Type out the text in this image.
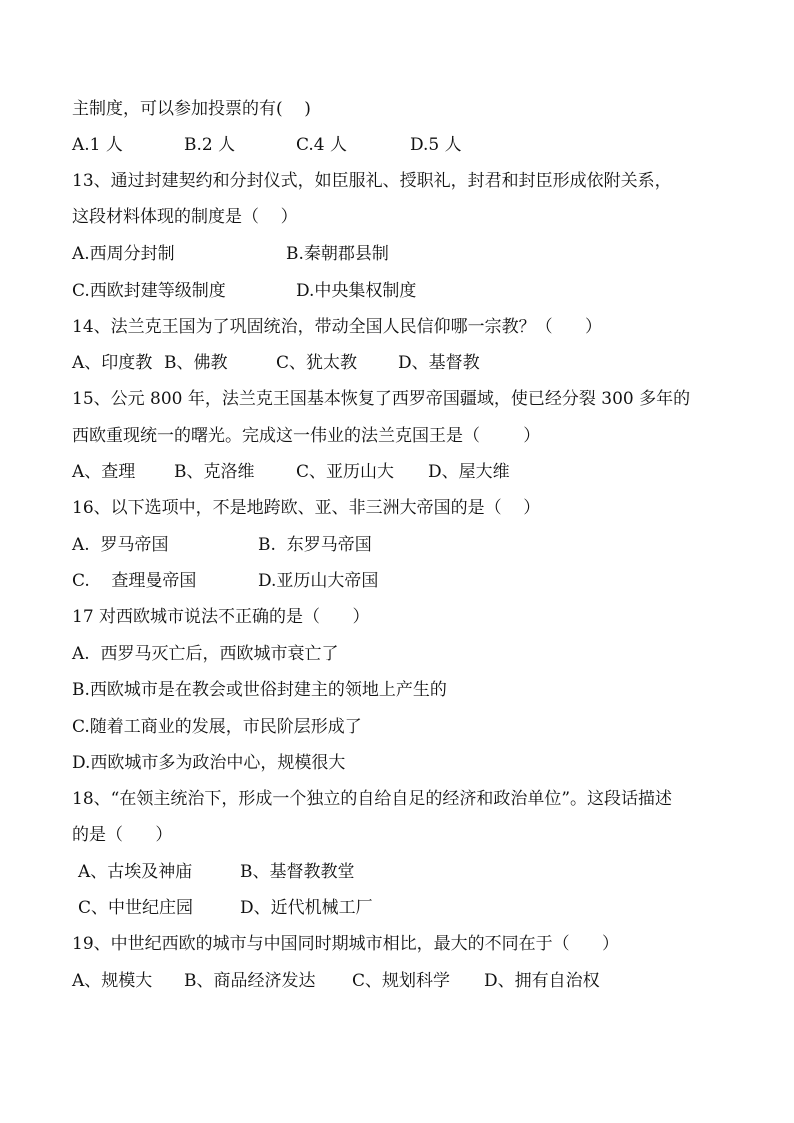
主制度，可以参加投票的有(    )
A.1 人	B.2 人	C.4 人	D.5 人
13、通过封建契约和分封仪式，如臣服礼、授职礼，封君和封臣形成依附关系，
这段材料体现的制度是（    ）
A.西周分封制	B.秦朝郡县制
C.西欧封建等级制度	D.中央集权制度
14、法兰克王国为了巩固统治，带动全国人民信仰哪一宗教？（      ）
A、印度教 B、佛教	C、犹太教 D、基督教
15、公元 800 年，法兰克王国基本恢复了西罗帝国疆域，使已经分裂 300 多年的
西欧重现统一的曙光。完成这一伟业的法兰克国王是（        ）
A、查理 B、克洛维 C、亚历山大 D、屋大维
16、以下选项中，不是地跨欧、亚、非三洲大帝国的是（    ）
A.  罗马帝国	B.  东罗马帝国
C.    查理曼帝国	D.亚历山大帝国
17 对西欧城市说法不正确的是（      ）
A.  西罗马灭亡后，西欧城市衰亡了
B.西欧城市是在教会或世俗封建主的领地上产生的
C.随着工商业的发展，市民阶层形成了
D.西欧城市多为政治中心，规模很大
18、“在领主统治下，形成一个独立的自给自足的经济和政治单位”。这段话描述
的是（      ）
A、古埃及神庙	B、基督教教堂
C、中世纪庄园	D、近代机械工厂
19、中世纪西欧的城市与中国同时期城市相比，最大的不同在于（      ）
A、规模大 B、商品经济发达 C、规划科学 D、拥有自治权
